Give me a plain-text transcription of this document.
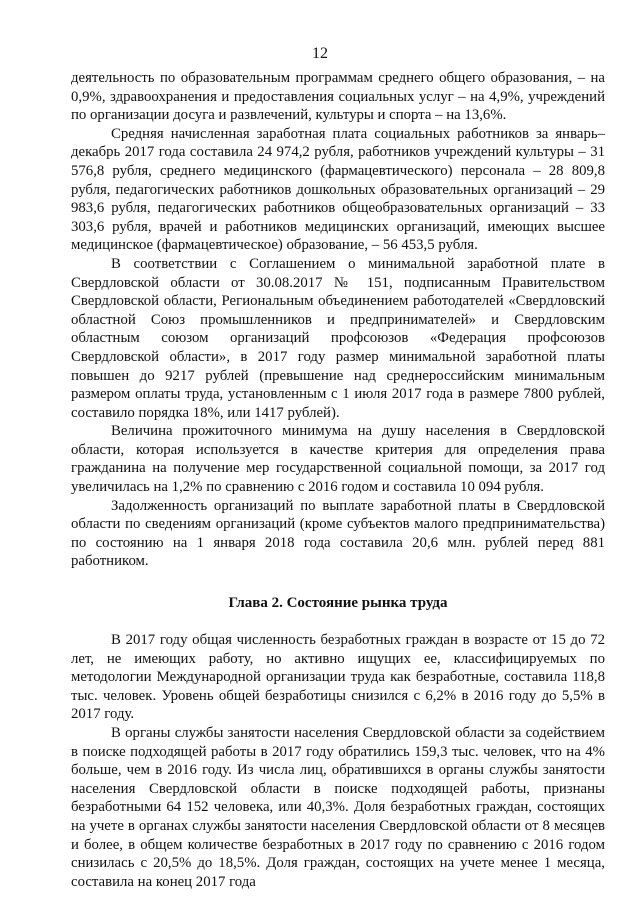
12

деятельность по образовательным программам среднего общего образования, – на 0,9%, здравоохранения и предоставления социальных услуг – на 4,9%, учреждений по организации досуга и развлечений, культуры и спорта – на 13,6%.

Средняя начисленная заработная плата социальных работников за январь–декабрь 2017 года составила 24 974,2 рубля, работников учреждений культуры – 31 576,8 рубля, среднего медицинского (фармацевтического) персонала – 28 809,8 рубля, педагогических работников дошкольных образовательных организаций – 29 983,6 рубля, педагогических работников общеобразовательных организаций – 33 303,6 рубля, врачей и работников медицинских организаций, имеющих высшее медицинское (фармацевтическое) образование, – 56 453,5 рубля.

В соответствии с Соглашением о минимальной заработной плате в Свердловской области от 30.08.2017 № 151, подписанным Правительством Свердловской области, Региональным объединением работодателей «Свердловский областной Союз промышленников и предпринимателей» и Свердловским областным союзом организаций профсоюзов «Федерация профсоюзов Свердловской области», в 2017 году размер минимальной заработной платы повышен до 9217 рублей (превышение над среднероссийским минимальным размером оплаты труда, установленным с 1 июля 2017 года в размере 7800 рублей, составило порядка 18%, или 1417 рублей).

Величина прожиточного минимума на душу населения в Свердловской области, которая используется в качестве критерия для определения права гражданина на получение мер государственной социальной помощи, за 2017 год увеличилась на 1,2% по сравнению с 2016 годом и составила 10 094 рубля.

Задолженность организаций по выплате заработной платы в Свердловской области по сведениям организаций (кроме субъектов малого предпринимательства) по состоянию на 1 января 2018 года составила 20,6 млн. рублей перед 881 работником.

Глава 2. Состояние рынка труда

В 2017 году общая численность безработных граждан в возрасте от 15 до 72 лет, не имеющих работу, но активно ищущих ее, классифицируемых по методологии Международной организации труда как безработные, составила 118,8 тыс. человек. Уровень общей безработицы снизился с 6,2% в 2016 году до 5,5% в 2017 году.

В органы службы занятости населения Свердловской области за содействием в поиске подходящей работы в 2017 году обратились 159,3 тыс. человек, что на 4% больше, чем в 2016 году. Из числа лиц, обратившихся в органы службы занятости населения Свердловской области в поиске подходящей работы, признаны безработными 64 152 человека, или 40,3%. Доля безработных граждан, состоящих на учете в органах службы занятости населения Свердловской области от 8 месяцев и более, в общем количестве безработных в 2017 году по сравнению с 2016 годом снизилась с 20,5% до 18,5%. Доля граждан, состоящих на учете менее 1 месяца, составила на конец 2017 года
